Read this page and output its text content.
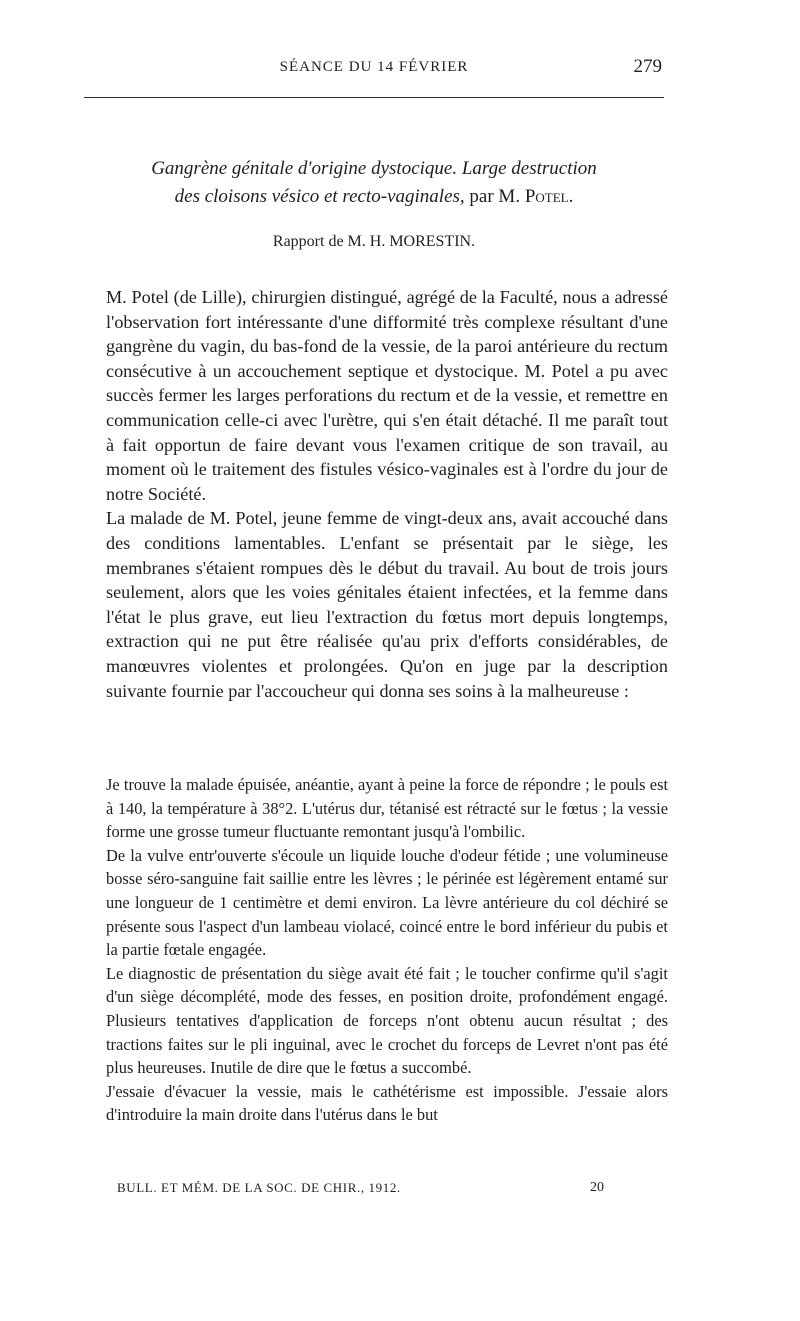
SÉANCE DU 14 FÉVRIER	279
Gangrène génitale d'origine dystocique. Large destruction
des cloisons vésico et recto-vaginales, par M. Potel.
Rapport de M. H. MORESTIN.

M. Potel (de Lille), chirurgien distingué, agrégé de la Faculté, nous a adressé l'observation fort intéressante d'une difformité très complexe résultant d'une gangrène du vagin, du bas-fond de la vessie, de la paroi antérieure du rectum consécutive à un accouchement septique et dystocique. M. Potel a pu avec succès fermer les larges perforations du rectum et de la vessie, et remettre en communication celle-ci avec l'urètre, qui s'en était détaché. Il me paraît tout à fait opportun de faire devant vous l'examen critique de son travail, au moment où le traitement des fistules vésico-vaginales est à l'ordre du jour de notre Société.

La malade de M. Potel, jeune femme de vingt-deux ans, avait accouché dans des conditions lamentables. L'enfant se présentait par le siège, les membranes s'étaient rompues dès le début du travail. Au bout de trois jours seulement, alors que les voies génitales étaient infectées, et la femme dans l'état le plus grave, eut lieu l'extraction du fœtus mort depuis longtemps, extraction qui ne put être réalisée qu'au prix d'efforts considérables, de manœuvres violentes et prolongées. Qu'on en juge par la description suivante fournie par l'accoucheur qui donna ses soins à la malheureuse :

Je trouve la malade épuisée, anéantie, ayant à peine la force de répondre ; le pouls est à 140, la température à 38°2. L'utérus dur, tétanisé est rétracté sur le fœtus ; la vessie forme une grosse tumeur fluctuante remontant jusqu'à l'ombilic.

De la vulve entr'ouverte s'écoule un liquide louche d'odeur fétide ; une volumineuse bosse séro-sanguine fait saillie entre les lèvres ; le périnée est légèrement entamé sur une longueur de 1 centimètre et demi environ. La lèvre antérieure du col déchiré se présente sous l'aspect d'un lambeau violacé, coincé entre le bord inférieur du pubis et la partie fœtale engagée.

Le diagnostic de présentation du siège avait été fait ; le toucher confirme qu'il s'agit d'un siège décomplété, mode des fesses, en position droite, profondément engagé. Plusieurs tentatives d'application de forceps n'ont obtenu aucun résultat ; des tractions faites sur le pli inguinal, avec le crochet du forceps de Levret n'ont pas été plus heureuses. Inutile de dire que le fœtus a succombé.

J'essaie d'évacuer la vessie, mais le cathétérisme est impossible. J'essaie alors d'introduire la main droite dans l'utérus dans le but

BULL. ET MÉM. DE LA SOC. DE CHIR., 1912.	20
